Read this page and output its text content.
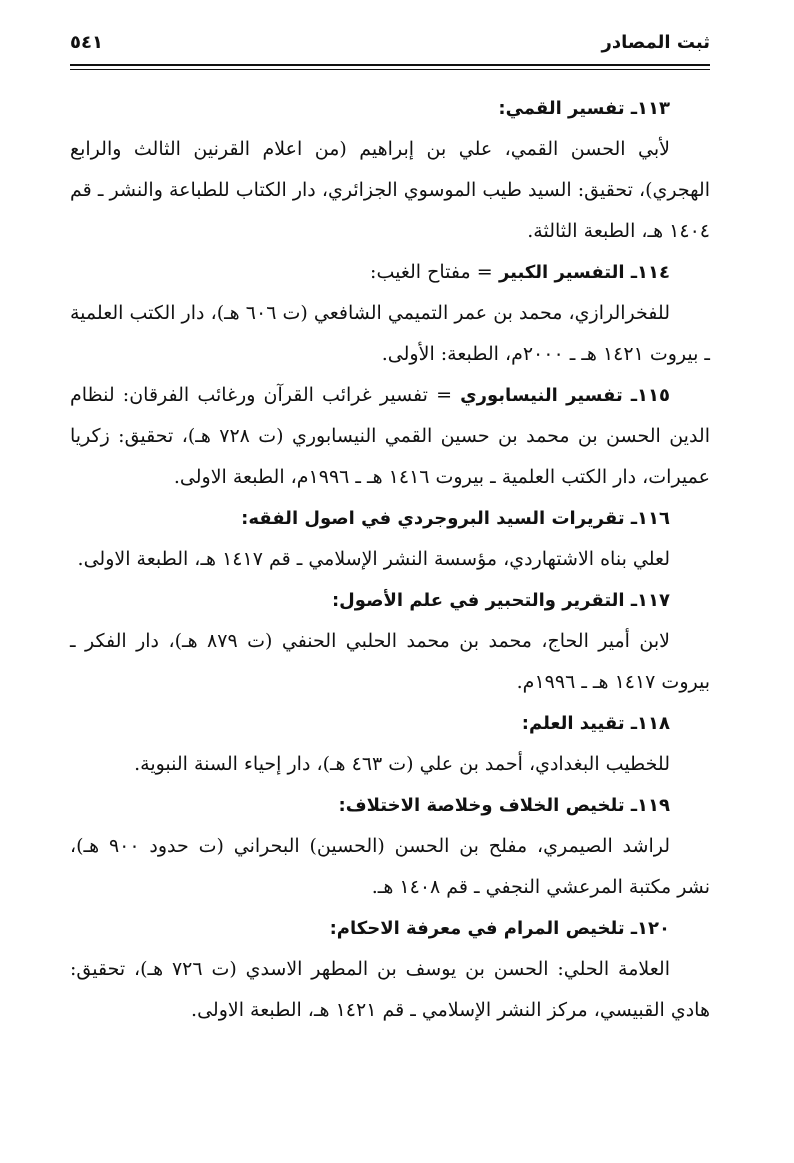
ثبت المصادر
٥٤١
١١٣ـ تفسير القمي:

لأبي الحسن القمي، علي بن إبراهيم (من اعلام القرنين الثالث والرابع الهجري)، تحقيق: السيد طيب الموسوي الجزائري، دار الكتاب للطباعة والنشر ـ قم ١٤٠٤ هـ، الطبعة الثالثة.

١١٤ـ التفسير الكبير = مفتاح الغيب:

للفخرالرازي، محمد بن عمر التميمي الشافعي (ت ٦٠٦ هـ)، دار الكتب العلمية ـ بيروت ١٤٢١ هـ ـ ٢٠٠٠م، الطبعة: الأولى.

١١٥ـ تفسير النيسابوري = تفسير غرائب القرآن ورغائب الفرقان: لنظام الدين الحسن بن محمد بن حسين القمي النيسابوري (ت ٧٢٨ هـ)، تحقيق: زكريا عميرات، دار الكتب العلمية ـ بيروت ١٤١٦ هـ ـ ١٩٩٦م، الطبعة الاولى.

١١٦ـ تقريرات السيد البروجردي في اصول الفقه:

لعلي بناه الاشتهاردي، مؤسسة النشر الإسلامي ـ قم ١٤١٧ هـ، الطبعة الاولى.

١١٧ـ التقرير والتحبير في علم الأصول:

لابن أمير الحاج، محمد بن محمد الحلبي الحنفي (ت ٨٧٩ هـ)، دار الفكر ـ بيروت ١٤١٧ هـ ـ ١٩٩٦م.

١١٨ـ تقييد العلم:

للخطيب البغدادي، أحمد بن علي (ت ٤٦٣ هـ)، دار إحياء السنة النبوية.

١١٩ـ تلخيص الخلاف وخلاصة الاختلاف:

لراشد الصيمري، مفلح بن الحسن (الحسين) البحراني (ت حدود ٩٠٠ هـ)، نشر مكتبة المرعشي النجفي ـ قم ١٤٠٨ هـ.

١٢٠ـ تلخيص المرام في معرفة الاحكام:

العلامة الحلي: الحسن بن يوسف بن المطهر الاسدي (ت ٧٢٦ هـ)، تحقيق: هادي القبيسي، مركز النشر الإسلامي ـ قم ١٤٢١ هـ، الطبعة الاولى.
